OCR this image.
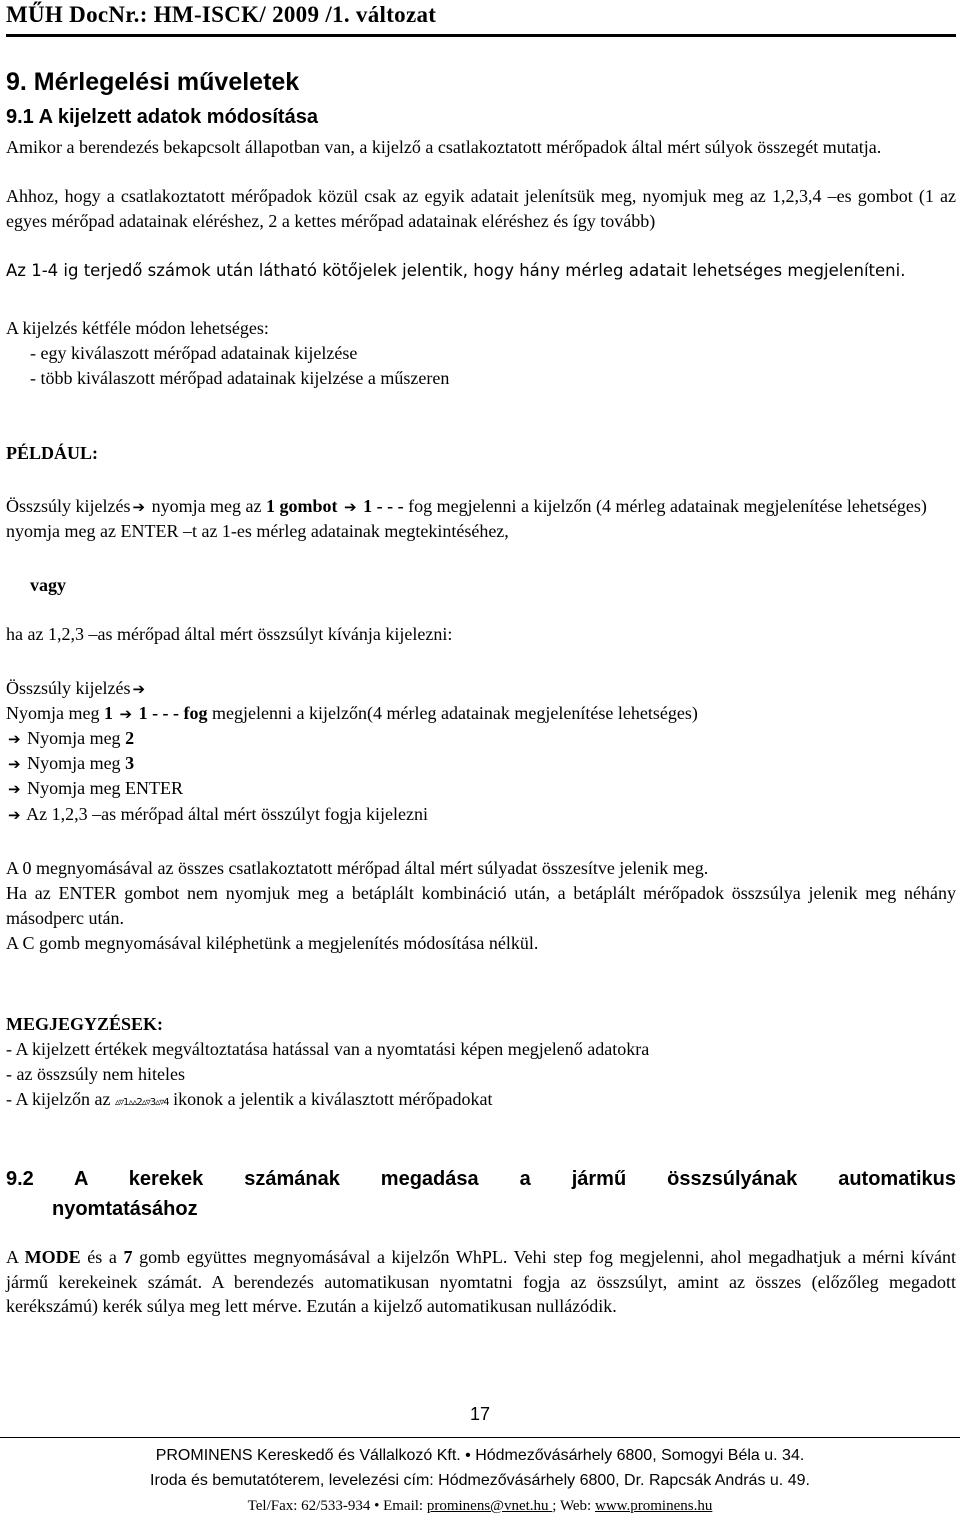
MŰH DocNr.: HM-ISCK/ 2009 /1. változat
9. Mérlegelési műveletek
9.1 A kijelzett adatok módosítása
Amikor a berendezés bekapcsolt állapotban van, a kijelző a csatlakoztatott mérőpadok által mért súlyok összegét mutatja.
Ahhoz, hogy a csatlakoztatott mérőpadok közül csak az egyik adatait jelenítsük meg, nyomjuk meg az 1,2,3,4 –es gombot (1 az egyes mérőpad adatainak eléréshez, 2 a kettes mérőpad adatainak eléréshez és így tovább)
Az 1-4 ig terjedő számok után látható kötőjelek jelentik, hogy hány mérleg adatait lehetséges megjeleníteni.
A kijelzés kétféle módon lehetséges:
- egy kiválaszott mérőpad adatainak kijelzése
- több kiválaszott mérőpad adatainak kijelzése a műszeren
PÉLDÁUL:
Összsúly kijelzés ➔ nyomja meg az 1 gombot ➔ 1 - - - fog megjelenni a kijelzőn (4 mérleg adatainak megjelenítése lehetséges)
nyomja meg az ENTER –t az 1-es mérleg adatainak megtekintéséhez,
vagy
ha az 1,2,3 –as mérőpad által mért összsúlyt kívánja kijelezni:
Összsúly kijelzés ➔
Nyomja meg 1 ➔ 1 - - - fog megjelenni a kijelzőn(4 mérleg adatainak megjelenítése lehetséges)
➔ Nyomja meg 2
➔ Nyomja meg 3
➔ Nyomja meg ENTER
➔ Az 1,2,3 –as mérőpad által mért összúlyt fogja kijelezni
A 0 megnyomásával az összes csatlakoztatott mérőpad által mért súlyadat összesítve jelenik meg.
Ha az ENTER gombot nem nyomjuk meg a betáplált kombináció után, a betáplált mérőpadok összsúlya jelenik meg néhány másodperc után.
A C gomb megnyomásával kiléphetünk a megjelenítés módosítása nélkül.
MEGJEGYZÉSEK:
- A kijelzett értékek megváltoztatása hatással van a nyomtatási képen megjelenő adatokra
- az összsúly nem hiteles
- A kijelzőn az ▵▿1▵▵2▵▿3▵▿4 ikonok a jelentik a kiválasztott mérőpadokat
9.2 A kerekek számának megadása a jármű összsúlyának automatikus
nyomtatásához
A MODE és a 7 gomb együttes megnyomásával a kijelzőn WhPL. Vehi step fog megjelenni, ahol megadhatjuk a mérni kívánt jármű kerekeinek számát. A berendezés automatikusan nyomtatni fogja az összsúlyt, amint az összes (előzőleg megadott kerékszámú) kerék súlya meg lett mérve. Ezután a kijelző automatikusan nullázódik.
17
PROMINENS Kereskedő és Vállalkozó Kft. • Hódmezővásárhely 6800, Somogyi Béla u. 34.
Iroda és bemutatóterem, levelezési cím: Hódmezővásárhely 6800, Dr. Rapcsák András u. 49.
Tel/Fax: 62/533-934 • Email: prominens@vnet.hu ; Web: www.prominens.hu
